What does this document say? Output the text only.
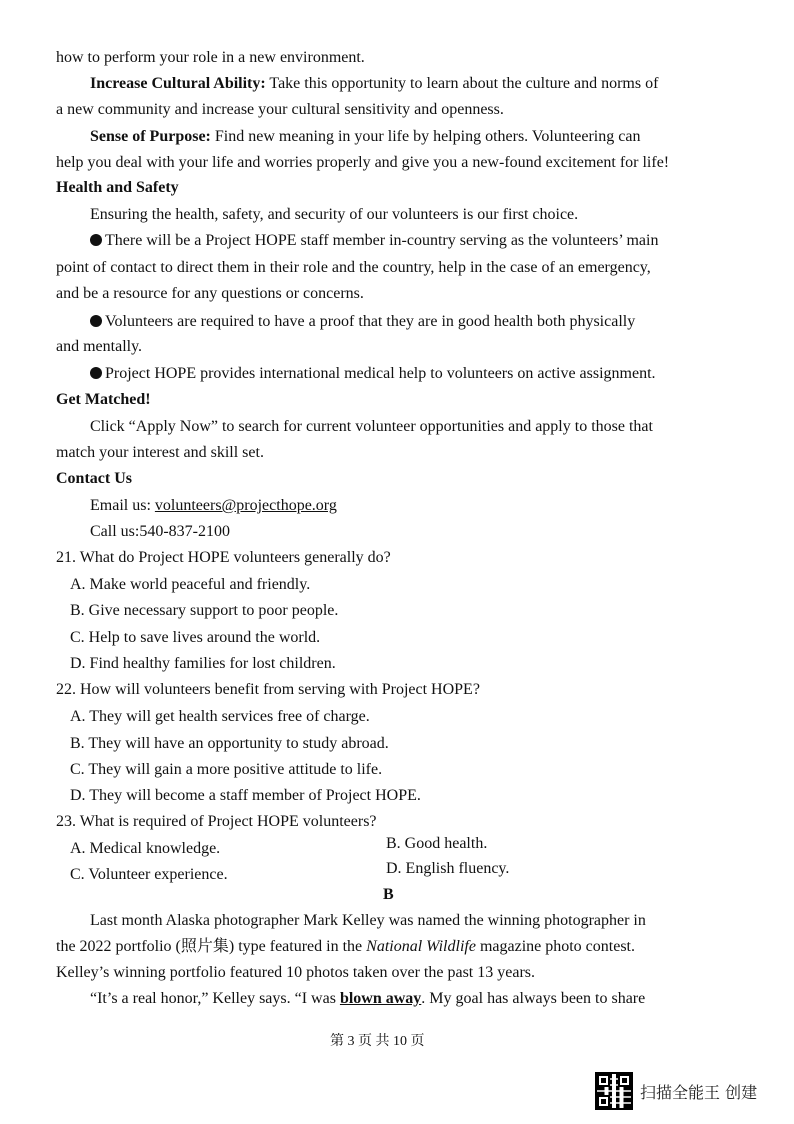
how to perform your role in a new environment.
Increase Cultural Ability: Take this opportunity to learn about the culture and norms of
a new community and increase your cultural sensitivity and openness.
Sense of Purpose: Find new meaning in your life by helping others. Volunteering can
help you deal with your life and worries properly and give you a new-found excitement for life!
Health and Safety
Ensuring the health, safety, and security of our volunteers is our first choice.
There will be a Project HOPE staff member in-country serving as the volunteers’ main
point of contact to direct them in their role and the country, help in the case of an emergency,
and be a resource for any questions or concerns.
Volunteers are required to have a proof that they are in good health both physically
and mentally.
Project HOPE provides international medical help to volunteers on active assignment.
Get Matched!
Click “Apply Now” to search for current volunteer opportunities and apply to those that
match your interest and skill set.
Contact Us
Email us: volunteers@projecthope.org
Call us:540-837-2100
21. What do Project HOPE volunteers generally do?
A. Make world peaceful and friendly.
B. Give necessary support to poor people.
C. Help to save lives around the world.
D. Find healthy families for lost children.
22. How will volunteers benefit from serving with Project HOPE?
A. They will get health services free of charge.
B. They will have an opportunity to study abroad.
C. They will gain a more positive attitude to life.
D. They will become a staff member of Project HOPE.
23. What is required of Project HOPE volunteers?
A. Medical knowledge.	B. Good health.
C. Volunteer experience.	D. English fluency.
B
Last month Alaska photographer Mark Kelley was named the winning photographer in
the 2022 portfolio (照片集) type featured in the National Wildlife magazine photo contest.
Kelley’s winning portfolio featured 10 photos taken over the past 13 years.
“It’s a real honor,” Kelley says. “I was blown away. My goal has always been to share
第 3 页 共 10 页
扫描全能王 创建
